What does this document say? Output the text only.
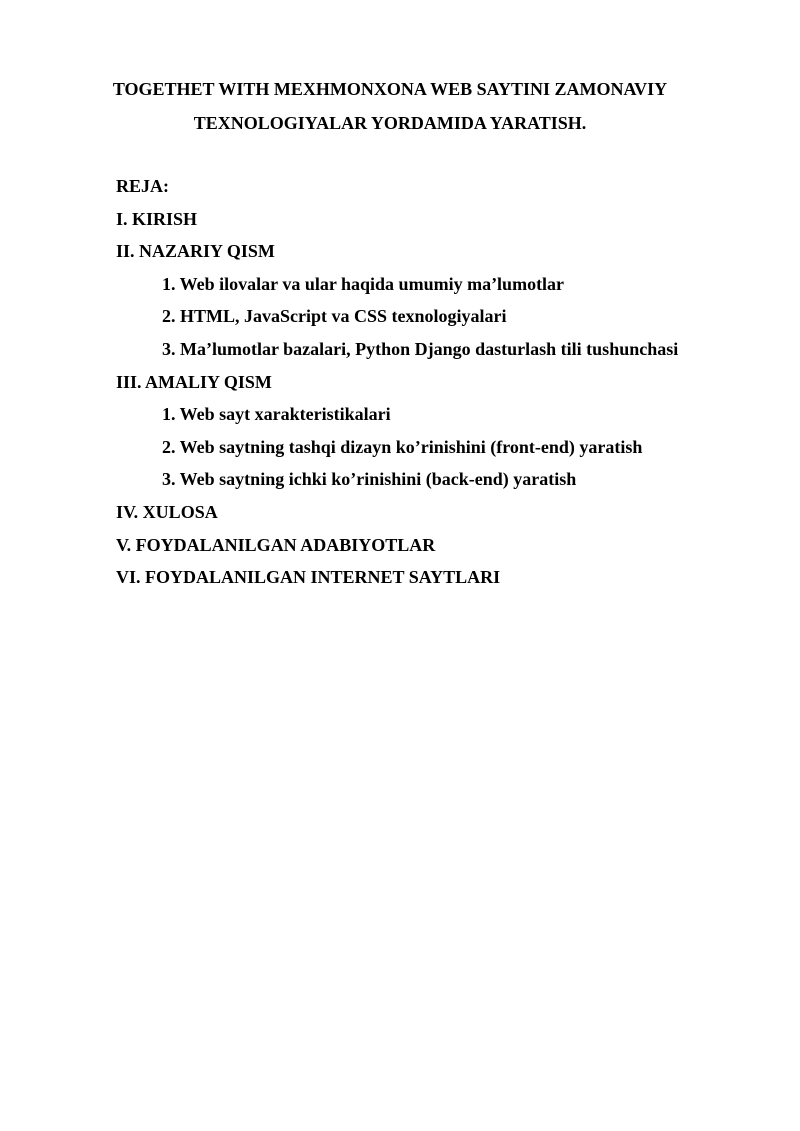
TOGETHET WITH MEXHMONXONA WEB SAYTINI ZAMONAVIY
TEXNOLOGIYALAR YORDAMIDA YARATISH.
REJA:
I. KIRISH
II. NAZARIY QISM
1. Web ilovalar va ular haqida umumiy ma’lumotlar
2. HTML, JavaScript va CSS texnologiyalari
3. Ma’lumotlar bazalari, Python Django dasturlash tili tushunchasi
III. AMALIY QISM
1. Web sayt xarakteristikalari
2. Web saytning tashqi dizayn ko’rinishini (front-end) yaratish
3. Web saytning ichki ko’rinishini (back-end) yaratish
IV. XULOSA
V. FOYDALANILGAN ADABIYOTLAR
VI. FOYDALANILGAN INTERNET SAYTLARI
